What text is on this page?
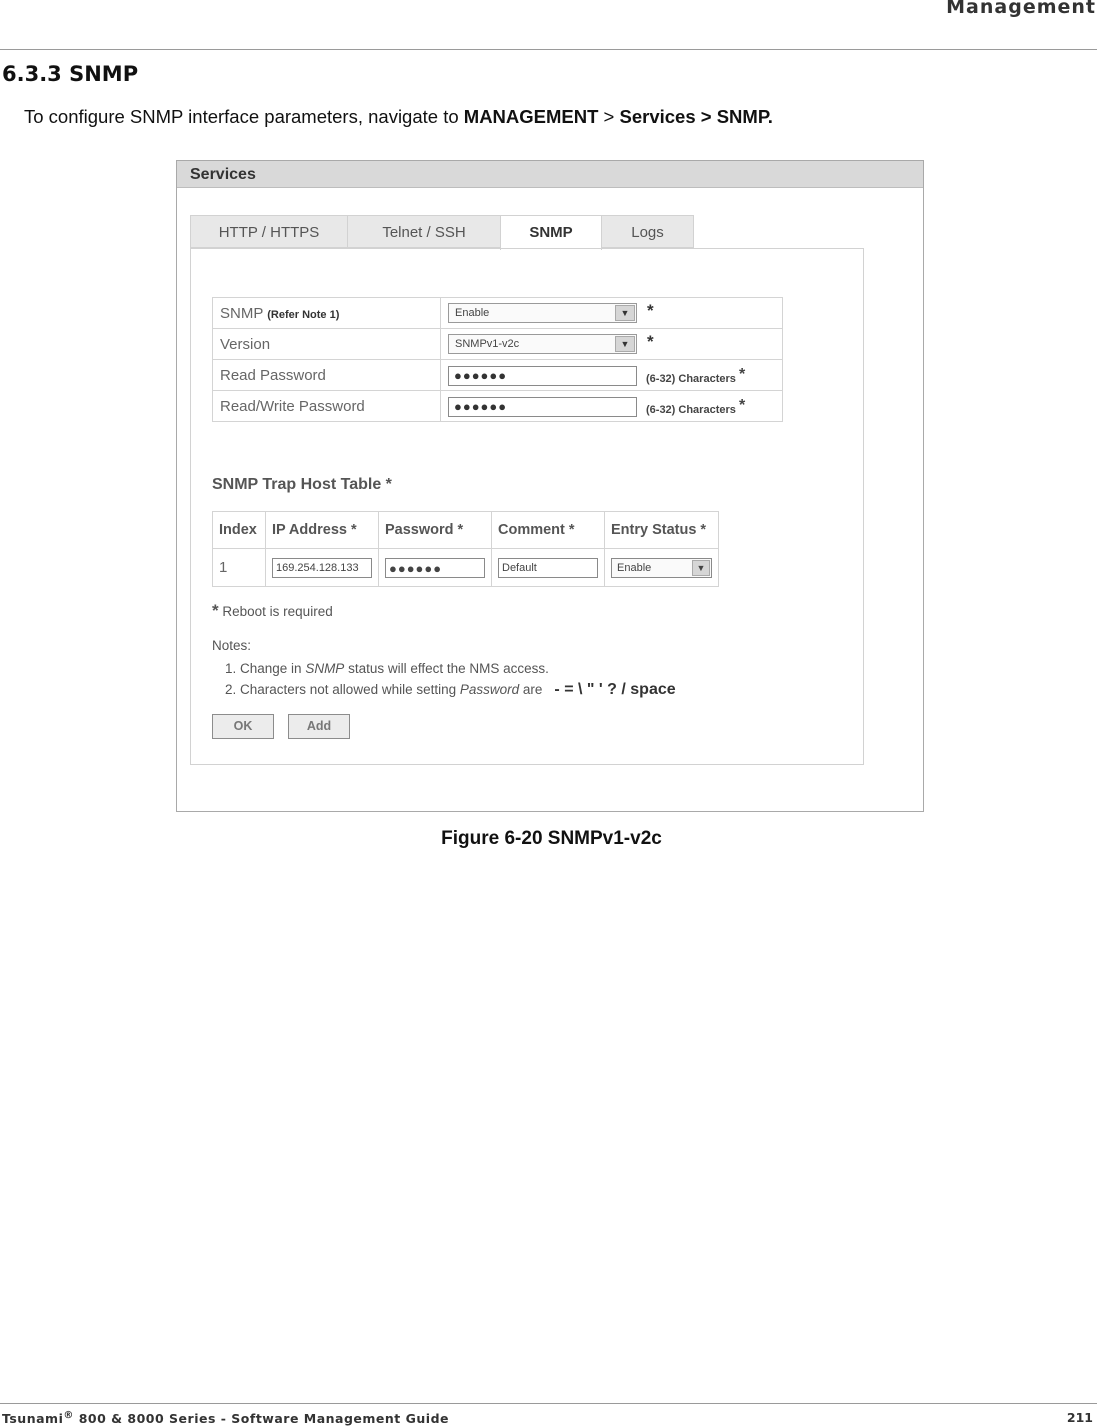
Management
6.3.3 SNMP
To configure SNMP interface parameters, navigate to MANAGEMENT > Services > SNMP.
Services
HTTP / HTTPS	Telnet / SSH	SNMP	Logs
SNMP (Refer Note 1)	Enable ▼ *

Version	SNMPv1-v2c ▼ *

Read Password	●●●●●● (6-32) Characters *

Read/Write Password	●●●●●● (6-32) Characters *
SNMP Trap Host Table *
Index	IP Address *	Password *	Comment *	Entry Status *
1	169.254.128.133	●●●●●●	Default	Enable ▼
* Reboot is required
Notes:
1. Change in SNMP status will effect the NMS access.
2. Characters not allowed while setting Password are - = \ " ' ? / space
OK	Add
Figure 6-20 SNMPv1-v2c
Tsunami® 800 & 8000 Series - Software Management Guide	211
